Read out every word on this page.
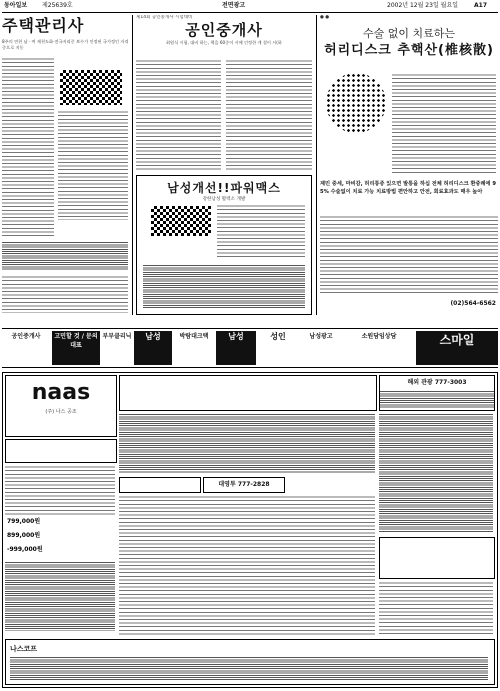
동아일보 제25639호	전면광고	2002년 12월 23일 월요일	A17
주택관리사
8주의 연천 남 · 여 제천도화·전국지리중 보수가 인정된 국가정인 자격중으로 지동
제14회 공인중개사 시험대비
공인중개사
최원식 시험, 대비 하는, 책을 60중이 시에 인정한 계 결이 시(하
남성개선!!파워맥스
강한남성 활력소 개발
● ●
수술 없이 치료하는
허리디스크 추핵산(椎核散)
제민 중세, 마비감, 허리통증 있으면 발통을 하십 전체 허리디스크 환중례에 95% 수술없이 치료 가능 치료방법 편안하고 안전, 회료효과도 매우 높아
(02)564-6562
공인중개사	고민할 것 / 문의대표
부부클리닉	남성	박람대크택	남성	성인	남성광고	소원담임상담	스마일
naas
(주) 나스 공조
해외 관광 777-3003
연말연시 특 기획특
799,000원
899,000원
-999,000원
동남아 777-2828	대영투 777-2828
나스코프
